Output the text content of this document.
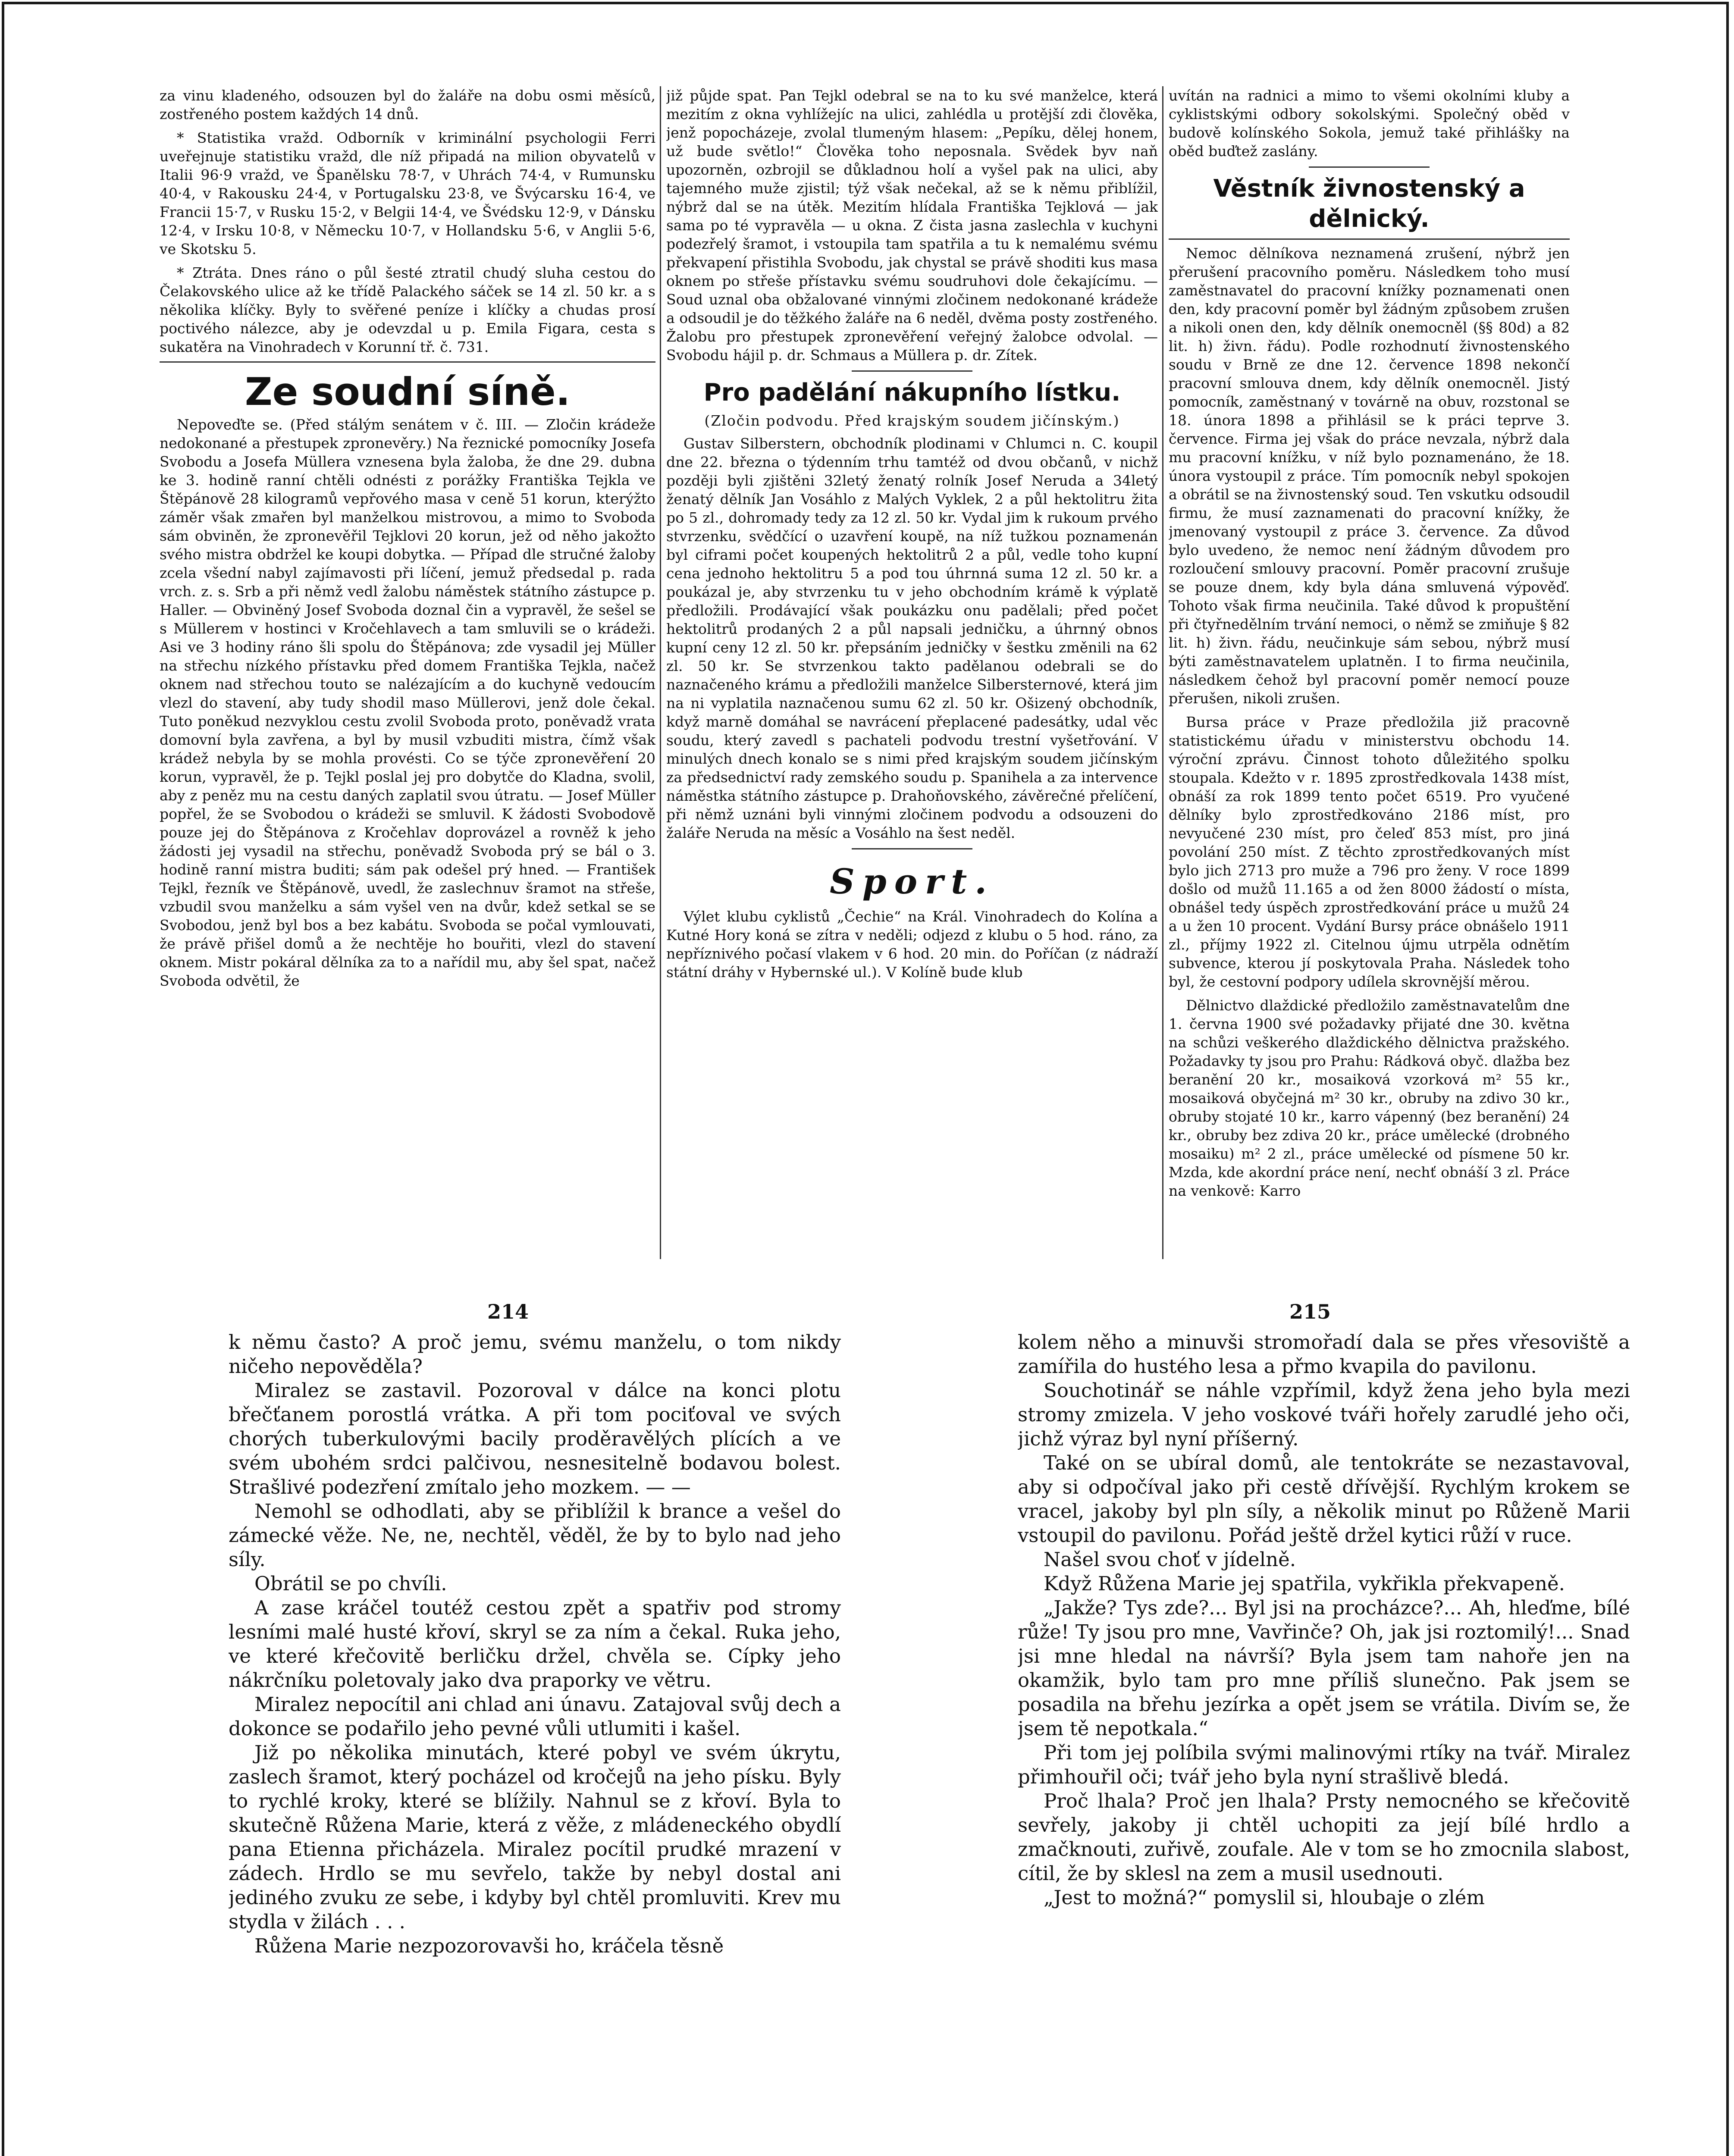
za vinu kladeného, odsouzen byl do žaláře na dobu osmi měsíců, zostřeného postem každých 14 dnů.

* Statistika vražd. Odborník v kriminální psychologii Ferri uveřejnuje statistiku vražd, dle níž připadá na milion obyvatelů v Italii 96·9 vražd, ve Španělsku 78·7, v Uhrách 74·4, v Rumunsku 40·4, v Rakousku 24·4, v Portugalsku 23·8, ve Švýcarsku 16·4, ve Francii 15·7, v Rusku 15·2, v Belgii 14·4, ve Švédsku 12·9, v Dánsku 12·4, v Irsku 10·8, v Německu 10·7, v Hollandsku 5·6, v Anglii 5·6, ve Skotsku 5.

* Ztráta. Dnes ráno o půl šesté ztratil chudý sluha cestou do Čelakovského ulice až ke třídě Palackého sáček se 14 zl. 50 kr. a s několika klíčky. Byly to svěřené peníze i klíčky a chudas prosí poctivého nálezce, aby je odevzdal u p. Emila Figara, cesta s sukatěra na Vinohradech v Korunní tř. č. 731.

Ze soudní síně.

Nepoveďte se. (Před stálým senátem v č. III. — Zločin krádeže nedokonané a přestupek zpronevěry.) Na řeznické pomocníky Josefa Svobodu a Josefa Müllera vznesena byla žaloba, že dne 29. dubna ke 3. hodině ranní chtěli odnésti z porážky Františka Tejkla ve Štěpánově 28 kilogramů vepřového masa v ceně 51 korun, kterýžto záměr však zmařen byl manželkou mistrovou, a mimo to Svoboda sám obviněn, že zpronevěřil Tejklovi 20 korun, jež od něho jakožto svého mistra obdržel ke koupi dobytka. — Případ dle stručné žaloby zcela všední nabyl zajímavosti při líčení, jemuž předsedal p. rada vrch. z. s. Srb a při němž vedl žalobu náměstek státního zástupce p. Haller. — Obviněný Josef Svoboda doznal čin a vypravěl, že sešel se s Müllerem v hostinci v Kročehlavech a tam smluvili se o krádeži. Asi ve 3 hodiny ráno šli spolu do Štěpánova; zde vysadil jej Müller na střechu nízkého přístavku před domem Františka Tejkla, načež oknem nad střechou touto se nalézajícím a do kuchyně vedoucím vlezl do stavení, aby tudy shodil maso Müllerovi, jenž dole čekal. Tuto poněkud nezvyklou cestu zvolil Svoboda proto, poněvadž vrata domovní byla zavřena, a byl by musil vzbuditi mistra, čímž však krádež nebyla by se mohla provésti. Co se týče zpronevěření 20 korun, vypravěl, že p. Tejkl poslal jej pro dobytče do Kladna, svolil, aby z peněz mu na cestu daných zaplatil svou útratu. — Josef Müller popřel, že se Svobodou o krádeži se smluvil. K žádosti Svobodově pouze jej do Štěpánova z Kročehlav doprovázel a rovněž k jeho žádosti jej vysadil na střechu, poněvadž Svoboda prý se bál o 3. hodině ranní mistra buditi; sám pak odešel prý hned. — František Tejkl, řezník ve Štěpánově, uvedl, že zaslechnuv šramot na střeše, vzbudil svou manželku a sám vyšel ven na dvůr, kdež setkal se se Svobodou, jenž byl bos a bez kabátu. Svoboda se počal vymlouvati, že právě přišel domů a že nechtěje ho bouřiti, vlezl do stavení oknem. Mistr pokáral dělníka za to a nařídil mu, aby šel spat, načež Svoboda odvětil, že

již půjde spat. Pan Tejkl odebral se na to ku své manželce, která mezitím z okna vyhlížejíc na ulici, zahlédla u protější zdi člověka, jenž popocházeje, zvolal tlumeným hlasem: „Pepíku, dělej honem, už bude světlo!“ Člověka toho neposnala. Svědek byv naň upozorněn, ozbrojil se důkladnou holí a vyšel pak na ulici, aby tajemného muže zjistil; týž však nečekal, až se k němu přiblížil, nýbrž dal se na útěk. Mezitím hlídala Františka Tejklová — jak sama po té vypravěla — u okna. Z čista jasna zaslechla v kuchyni podezřelý šramot, i vstoupila tam spatřila a tu k nemalému svému překvapení přistihla Svobodu, jak chystal se právě shoditi kus masa oknem po střeše přístavku svému soudruhovi dole čekajícímu. — Soud uznal oba obžalované vinnými zločinem nedokonané krádeže a odsoudil je do těžkého žaláře na 6 neděl, dvěma posty zostřeného. Žalobu pro přestupek zpronevěření veřejný žalobce odvolal. — Svobodu hájil p. dr. Schmaus a Müllera p. dr. Zítek.

Pro padělání nákupního lístku.
(Zločin podvodu. Před krajským soudem jičínským.)

Gustav Silberstern, obchodník plodinami v Chlumci n. C. koupil dne 22. března o týdenním trhu tamtéž od dvou občanů, v nichž později byli zjištěni 32letý ženatý rolník Josef Neruda a 34letý ženatý dělník Jan Vosáhlo z Malých Vyklek, 2 a půl hektolitru žita po 5 zl., dohromady tedy za 12 zl. 50 kr. Vydal jim k rukoum prvého stvrzenku, svědčící o uzavření koupě, na níž tužkou poznamenán byl ciframi počet koupených hektolitrů 2 a půl, vedle toho kupní cena jednoho hektolitru 5 a pod tou úhrnná suma 12 zl. 50 kr. a poukázal je, aby stvrzenku tu v jeho obchodním krámě k výplatě předložili. Prodávající však poukázku onu padělali; před počet hektolitrů prodaných 2 a půl napsali jedničku, a úhrnný obnos kupní ceny 12 zl. 50 kr. přepsáním jedničky v šestku změnili na 62 zl. 50 kr. Se stvrzenkou takto padělanou odebrali se do naznačeného krámu a předložili manželce Silbersternové, která jim na ni vyplatila naznačenou sumu 62 zl. 50 kr. Ošizený obchodník, když marně domáhal se navrácení přeplacené padesátky, udal věc soudu, který zavedl s pachateli podvodu trestní vyšetřování. V minulých dnech konalo se s nimi před krajským soudem jičínským za předsednictví rady zemského soudu p. Spanihela a za intervence náměstka státního zástupce p. Drahoňovského, závěrečné přelíčení, při němž uznáni byli vinnými zločinem podvodu a odsouzeni do žaláře Neruda na měsíc a Vosáhlo na šest neděl.

Sport.

Výlet klubu cyklistů „Čechie“ na Král. Vinohradech do Kolína a Kutné Hory koná se zítra v neděli; odjezd z klubu o 5 hod. ráno, za nepříznivého počasí vlakem v 6 hod. 20 min. do Poříčan (z nádraží státní dráhy v Hybernské ul.). V Kolíně bude klub

uvítán na radnici a mimo to všemi okolními kluby a cyklistskými odbory sokolskými. Společný oběd v budově kolínského Sokola, jemuž také přihlášky na oběd buďtež zaslány.

Věstník živnostenský a dělnický.

Nemoc dělníkova neznamená zrušení, nýbrž jen přerušení pracovního poměru. Následkem toho musí zaměstnavatel do pracovní knížky poznamenati onen den, kdy pracovní poměr byl žádným způsobem zrušen a nikoli onen den, kdy dělník onemocněl (§§ 80d) a 82 lit. h) živn. řádu). Podle rozhodnutí živnostenského soudu v Brně ze dne 12. července 1898 nekončí pracovní smlouva dnem, kdy dělník onemocněl. Jistý pomocník, zaměstnaný v továrně na obuv, rozstonal se 18. února 1898 a přihlásil se k práci teprve 3. července. Firma jej však do práce nevzala, nýbrž dala mu pracovní knížku, v níž bylo poznamenáno, že 18. února vystoupil z práce. Tím pomocník nebyl spokojen a obrátil se na živnostenský soud. Ten vskutku odsoudil firmu, že musí zaznamenati do pracovní knížky, že jmenovaný vystoupil z práce 3. července. Za důvod bylo uvedeno, že nemoc není žádným důvodem pro rozloučení smlouvy pracovní. Poměr pracovní zrušuje se pouze dnem, kdy byla dána smluvená výpověď. Tohoto však firma neučinila. Také důvod k propuštění při čtyřnedělním trvání nemoci, o němž se zmiňuje § 82 lit. h) živn. řádu, neučinkuje sám sebou, nýbrž musí býti zaměstnavatelem uplatněn. I to firma neučinila, následkem čehož byl pracovní poměr nemocí pouze přerušen, nikoli zrušen.

Bursa práce v Praze předložila již pracovně statistickému úřadu v ministerstvu obchodu 14. výroční zprávu. Činnost tohoto důležitého spolku stoupala. Kdežto v r. 1895 zprostředkovala 1438 míst, obnáší za rok 1899 tento počet 6519. Pro vyučené dělníky bylo zprostředkováno 2186 míst, pro nevyučené 230 míst, pro čeleď 853 míst, pro jiná povolání 250 míst. Z těchto zprostředkovaných míst bylo jich 2713 pro muže a 796 pro ženy. V roce 1899 došlo od mužů 11.165 a od žen 8000 žádostí o místa, obnášel tedy úspěch zprostředkování práce u mužů 24 a u žen 10 procent. Vydání Bursy práce obnášelo 1911 zl., příjmy 1922 zl. Citelnou újmu utrpěla odnětím subvence, kterou jí poskytovala Praha. Následek toho byl, že cestovní podpory udílela skrovnější měrou.

Dělnictvo dlaždické předložilo zaměstnavatelům dne 1. června 1900 své požadavky přijaté dne 30. května na schůzi veškerého dlaždického dělnictva pražského. Požadavky ty jsou pro Prahu: Rádková obyč. dlažba bez beranění 20 kr., mosaiková vzorková m² 55 kr., mosaiková obyčejná m² 30 kr., obruby na zdivo 30 kr., obruby stojaté 10 kr., karro vápenný (bez beranění) 24 kr., obruby bez zdiva 20 kr., práce umělecké (drobného mosaiku) m² 2 zl., práce umělecké od písmene 50 kr. Mzda, kde akordní práce není, nechť obnáší 3 zl. Práce na venkově: Karro

214	215

k němu často? A proč jemu, svému manželu, o tom nikdy ničeho nepověděla?

Miralez se zastavil. Pozoroval v dálce na konci plotu břečťanem porostlá vrátka. A při tom pociťoval ve svých chorých tuberkulovými bacily proděravělých plících a ve svém ubohém srdci palčivou, nesnesitelně bodavou bolest. Strašlivé podezření zmítalo jeho mozkem. — —

Nemohl se odhodlati, aby se přiblížil k brance a vešel do zámecké věže. Ne, ne, nechtěl, věděl, že by to bylo nad jeho síly.

Obrátil se po chvíli.

A zase kráčel toutéž cestou zpět a spatřiv pod stromy lesními malé husté křoví, skryl se za ním a čekal. Ruka jeho, ve které křečovitě berličku držel, chvěla se. Cípky jeho nákrčníku poletovaly jako dva praporky ve větru.

Miralez nepocítil ani chlad ani únavu. Zatajoval svůj dech a dokonce se podařilo jeho pevné vůli utlumiti i kašel.

Již po několika minutách, které pobyl ve svém úkrytu, zaslech šramot, který pocházel od kročejů na jeho písku. Byly to rychlé kroky, které se blížily. Nahnul se z křoví. Byla to skutečně Růžena Marie, která z věže, z mládeneckého obydlí pana Etienna přicházela. Miralez pocítil prudké mrazení v zádech. Hrdlo se mu sevřelo, takže by nebyl dostal ani jediného zvuku ze sebe, i kdyby byl chtěl promluviti. Krev mu stydla v žilách . . .

Růžena Marie nezpozorovavši ho, kráčela těsně

kolem něho a minuvši stromořadí dala se přes vřesoviště a zamířila do hustého lesa a přmo kvapila do pavilonu.

Souchotinář se náhle vzpřímil, když žena jeho byla mezi stromy zmizela. V jeho voskové tváři hořely zarudlé jeho oči, jichž výraz byl nyní příšerný.

Také on se ubíral domů, ale tentokráte se nezastavoval, aby si odpočíval jako při cestě dřívější. Rychlým krokem se vracel, jakoby byl pln síly, a několik minut po Růženě Marii vstoupil do pavilonu. Pořád ještě držel kytici růží v ruce.

Našel svou choť v jídelně.

Když Růžena Marie jej spatřila, vykřikla překvapeně.

„Jakže? Tys zde?... Byl jsi na procházce?... Ah, hleďme, bílé růže! Ty jsou pro mne, Vavřinče? Oh, jak jsi roztomilý!... Snad jsi mne hledal na návrší? Byla jsem tam nahoře jen na okamžik, bylo tam pro mne příliš slunečno. Pak jsem se posadila na břehu jezírka a opět jsem se vrátila. Divím se, že jsem tě nepotkala.“

Při tom jej políbila svými malinovými rtíky na tvář. Miralez přimhouřil oči; tvář jeho byla nyní strašlivě bledá.

Proč lhala? Proč jen lhala? Prsty nemocného se křečovitě sevřely, jakoby ji chtěl uchopiti za její bílé hrdlo a zmačknouti, zuřivě, zoufale. Ale v tom se ho zmocnila slabost, cítil, že by sklesl na zem a musil usednouti.

„Jest to možná?“ pomyslil si, hloubaje o zlém
